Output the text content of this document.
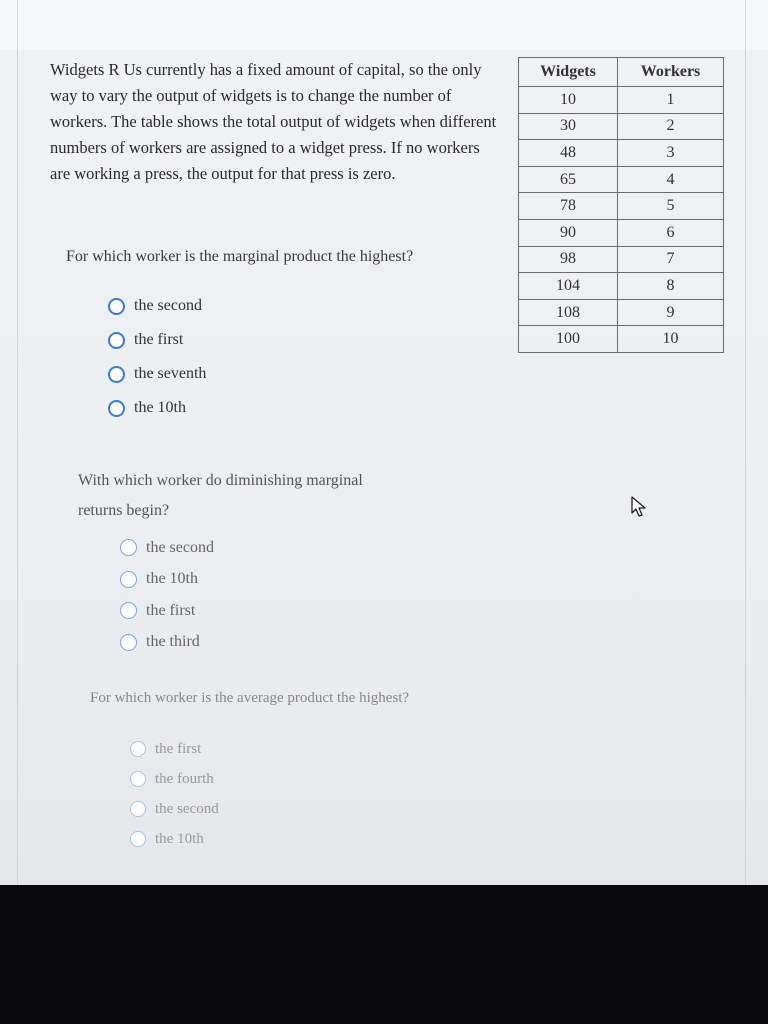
Widgets R Us currently has a fixed amount of capital, so the only way to vary the output of widgets is to change the number of workers. The table shows the total output of widgets when different numbers of workers are assigned to a widget press. If no workers are working a press, the output for that press is zero.
Widgets	Workers
10	1
30	2
48	3
65	4
78	5
90	6
98	7
104	8
108	9
100	10
For which worker is the marginal product the highest?
the second
the first
the seventh
the 10th
With which worker do diminishing marginal returns begin?
the second
the 10th
the first
the third
For which worker is the average product the highest?
the first
the fourth
the second
the 10th
